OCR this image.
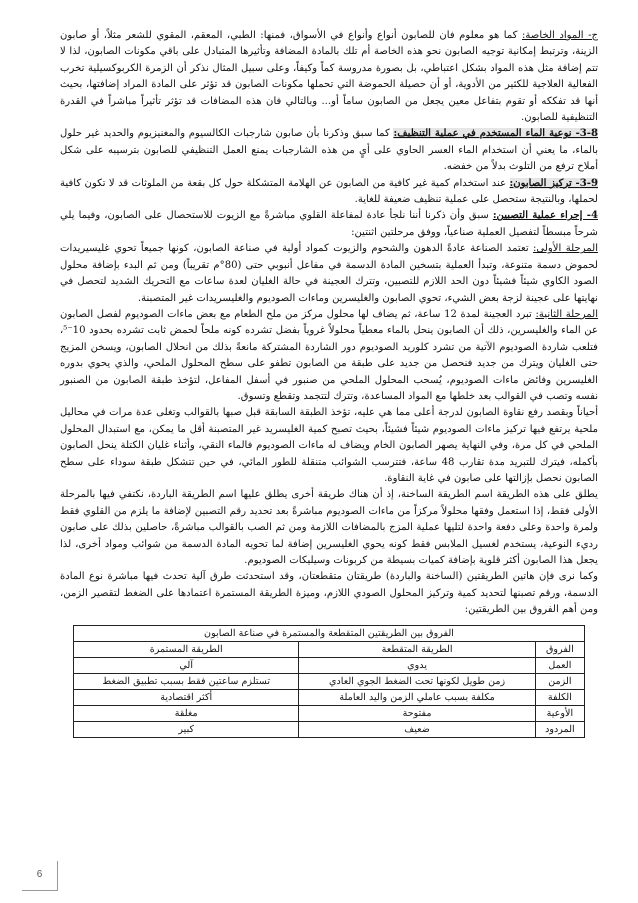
ج- المواد الخاصة: كما هو معلوم فان للصابون أنواع وأنواع في الأسواق، فمنها: الطبي، المعقم، المقوي للشعر مثلاً، أو صابون الزينة، وترتبط إمكانية توجيه الصابون نحو هذه الخاصة أم تلك بالمادة المضافة وتأثيرها المتبادل على باقي مكونات الصابون، لذا لا تتم إضافة مثل هذه المواد بشكل اعتباطي، بل بصورة مدروسة كماً وكيفاً، وعلى سبيل المثال نذكر أن الزمرة الكربوكسيلية تخرب الفعالية العلاجية للكثير من الأدوية، أو أن حصيلة الحموضة التي تحملها مكونات الصابون قد تؤثر على المادة المراد إضافتها، بحيث أنها قد تفككه أو تقوم بتفاعل معين يجعل من الصابون ساماً أو... وبالتالي فان هذه المضافات قد تؤثر تأثيراً مباشراً في القدرة التنظيفية للصابون.

3-8- نوعية الماء المستخدم في عملية التنظيف: كما سبق وذكرنا بأن صابون شارجبات الكالسيوم والمغنيزيوم والحديد غير حلول بالماء، ما يعني أن استخدام الماء العسر الحاوي على أيٍ من هذه الشارجبات يمنع العمل التنظيفي للصابون بترسيبه على شكل أملاح ترفع من التلوث بدلاً من خفضه.

3-9- تركيز الصابون: عند استخدام كمية غير كافية من الصابون عن الهلامة المتشكلة حول كل بقعة من الملوثات قد لا تكون كافية لحملها، وبالنتيجة ستحصل على عملية تنظيف ضعيفة للغاية.

4- إجراء عملية التصبين: سبق وأن ذكرنا أننا نلجأ عادة لمفاعلة القلوي مباشرةً مع الزيوت للاستحصال على الصابون، وفيما يلي شرحاً مبسطاً لتفصيل العملية صناعياً، ووفق مرحلتين اثنتين:

المرحلة الأولى: تعتمد الصناعة عادةً الدهون والشحوم والزيوت كمواد أولية في صناعة الصابون، كونها جميعاً تحوي غليسيريدات لحموض دسمة متنوعة، وتبدأ العملية بتسخين المادة الدسمة في مفاعل أنبوبي حتى (80°م تقريباً) ومن ثم البدء بإضافة محلول الصود الكاوي شيئاً فشيئاً دون الحد اللازم للتصبين، وتترك العجينة في حالة الغليان لعدة ساعات مع التحريك الشديد لتحصل في نهايتها على عجينة لزجة بعض الشيء، تحوي الصابون والغليسرين وماءات الصوديوم والغليسريدات غير المتصبنة.

المرحلة الثانية: تبرد العجينة لمدة 12 ساعة، ثم يضاف لها محلول مركز من ملح الطعام مع بعض ماءات الصوديوم لفصل الصابون عن الماء والغليسرين، ذلك أن الصابون ينحل بالماء معطياً محلولاً غروياً بفضل تشرده كونه ملحاً لحمض ثابت تشرده بحدود 10⁻⁵، فتلعب شاردة الصوديوم الآتية من تشرد كلوريد الصوديوم دور الشاردة المشتركة مانعةً بذلك من انحلال الصابون، ويسخن المزيج حتى الغليان ويترك من جديد فنحصل من جديد على طبقة من الصابون تطفو على سطح المحلول الملحي، والذي يحوي بدوره الغليسرين وفائض ماءات الصوديوم، يُسحب المحلول الملحي من صنبور في أسفل المفاعل، لتؤخذ طبقة الصابون من الصنبور نفسه وتصب في القوالب بعد خلطها مع المواد المساعدة، وتترك لتتجمد وتقطع وتسوق.

أحياناً وبقصد رفع نقاوة الصابون لدرجة أعلى مما هي عليه، تؤخذ الطبقة السابقة قبل صبها بالقوالب وتغلى عدة مرات في محاليل ملحية يرتفع فيها تركيز ماءات الصوديوم شيئاً فشيئاً، بحيث تصبح كمية الغليسريد غير المتصبنة أقل ما يمكن، مع استبدال المحلول الملحي في كل مرة، وفي النهاية يصهر الصابون الخام ويضاف له ماءات الصوديوم فالماء النقي، وأثناء غليان الكتلة ينحل الصابون بأكمله، فيترك للتبريد مدة تقارب 48 ساعة، فتترسب الشوائب متنقلة للطور المائي، في حين تتشكل طبقة سوداء على سطح الصابون نحصل بإزالتها على صابون في غاية النقاوة.

يطلق على هذه الطريقة اسم الطريقة الساخنة، إذ أن هناك طريقة أخرى يطلق عليها اسم الطريقة الباردة، نكتفي فيها بالمرحلة الأولى فقط، إذا استعمل وفقها محلولاً مركزاً من ماءات الصوديوم مباشرةً بعد تحديد رقم التصبين لإضافة ما يلزم من القلوي فقط ولمرة واحدة وعلى دفعة واحدة لتليها عملية المزج بالمضافات اللازمة ومن ثم الصب بالقوالب مباشرةً، حاصلين بذلك على صابون رديء النوعية، يستخدم لغسيل الملابس فقط كونه يحوي الغليسرين إضافة لما تحويه المادة الدسمة من شوائب ومواد أخرى، لذا يجعل هذا الصابون أكثر قلوية بإضافة كميات بسيطة من كربونات وسيليكات الصوديوم.

وكما نرى فإن هاتين الطريقتين (الساخنة والباردة) طريقتان متقطعتان، وقد استحدثت طرق آلية تحدث فيها مباشرة نوع المادة الدسمة، ورقم تصبنها لتحديد كمية وتركيز المحلول الصودي اللازم، وميزة الطريقة المستمرة اعتمادها على الضغط لتقصير الزمن، ومن أهم الفروق بين الطريقتين:

الفروق بين الطريقتين المتقطعة والمستمرة في صناعة الصابون		
الفروق	الطريقة المتقطعة	الطريقة المستمرة
العمل	يدوي	آلي
الزمن	زمن طويل لكونها تحت الضغط الجوي العادي	تستلزم ساعتين فقط بسبب تطبيق الضغط
الكلفة	مكلفة بسبب عاملي الزمن واليد العاملة	أكثر اقتصادية
الأوعية	مفتوحة	مغلقة
المردود	ضعيف	كبير
6
